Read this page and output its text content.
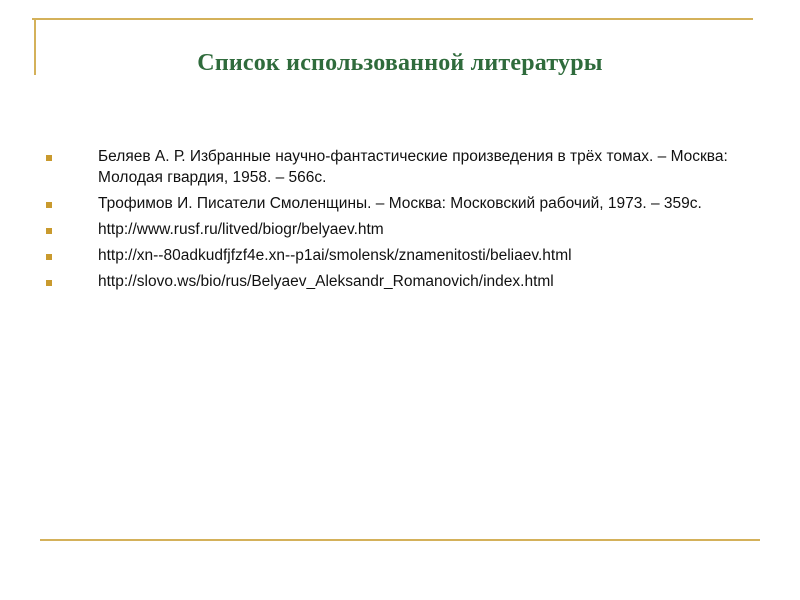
Список использованной литературы
Беляев А. Р. Избранные научно-фантастические произведения в трёх томах. – Москва: Молодая гвардия, 1958. – 566с.
Трофимов И. Писатели Смоленщины. – Москва: Московский рабочий, 1973. – 359с.
http://www.rusf.ru/litved/biogr/belyaev.htm
http://xn--80adkudfjfzf4e.xn--p1ai/smolensk/znamenitosti/beliaev.html
http://slovo.ws/bio/rus/Belyaev_Aleksandr_Romanovich/index.html
